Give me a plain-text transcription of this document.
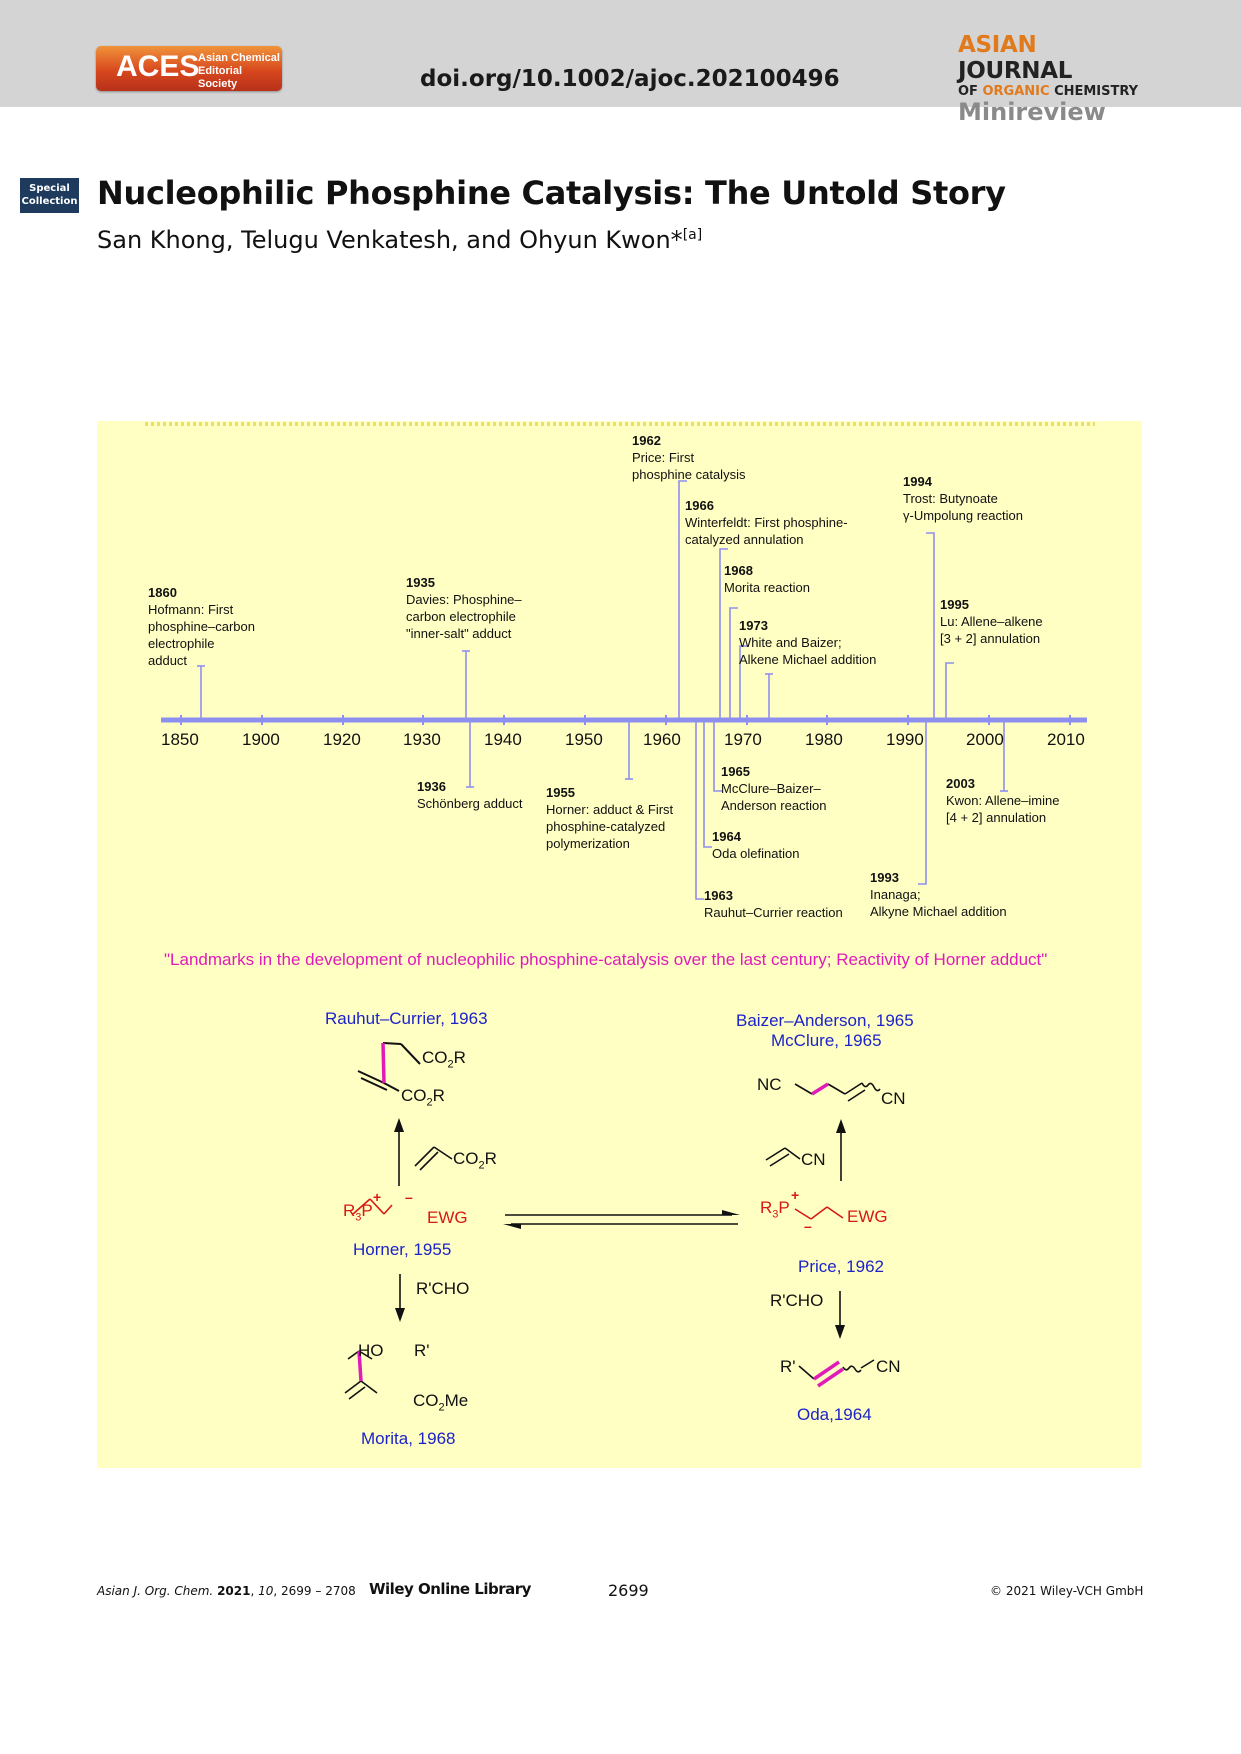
ACES
Asian Chemical Editorial Society	doi.org/10.1002/ajoc.202100496
ASIAN JOURNAL
OF ORGANIC CHEMISTRY
Minireview
Special
Collection Nucleophilic Phosphine Catalysis: The Untold Story
San Khong, Telugu Venkatesh, and Ohyun Kwon*[a]
1850	1900	1920 1930	1940	1950 1960	1970	1980	1990 2000	2010
1860
Hofmann: First
phosphine–carbon
electrophile
adduct
1935
Davies: Phosphine–
carbon electrophile
"inner-salt" adduct
1962
Price: First
phosphine catalysis
1966
Winterfeldt: First phosphine-
catalyzed annulation
1968
Morita reaction
1973
White and Baizer;
Alkene Michael addition
1994
Trost: Butynoate
γ-Umpolung reaction
1995
Lu: Allene–alkene
[3 + 2] annulation
1936
Schönberg adduct
1955
Horner: adduct & First
phosphine-catalyzed
polymerization
1965
McClure–Baizer–
Anderson reaction
1964
Oda olefination
1963
Rauhut–Currier reaction
1993
Inanaga;
Alkyne Michael addition
2003
Kwon: Allene–imine
[4 + 2] annulation
"Landmarks in the development of nucleophilic phosphine-catalysis over the last century; Reactivity of Horner adduct"
Rauhut–Currier, 1963	Baizer–Anderson, 1965
McClure, 1965
$CO_2R$
$CO_2R$
$CO_2R$
$R_3P$
+ –
EWG
Horner, 1955
R'CHO
HO R'
$CO_2Me$
Morita, 1968
NC
CN
CN
$R_3P$
+
– EWG
Price, 1962
R'CHO
R'	CN
Oda,1964
Asian J. Org. Chem. 2021, 10, 2699 – 2708 Wiley Online Library	2699	© 2021 Wiley-VCH GmbH
